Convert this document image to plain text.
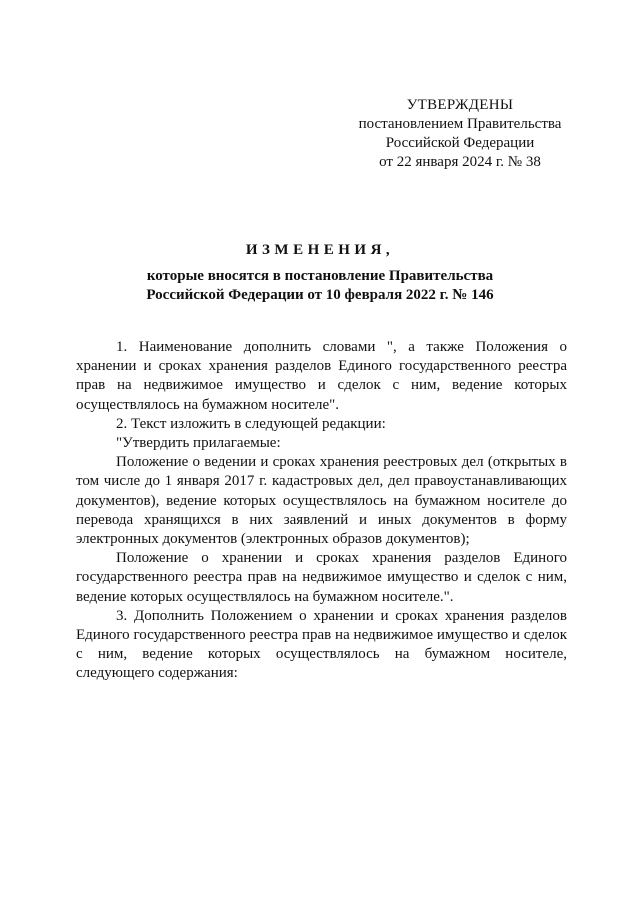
УТВЕРЖДЕНЫ
постановлением Правительства
Российской Федерации
от 22 января 2024 г. № 38
ИЗМЕНЕНИЯ,
которые вносятся в постановление Правительства
Российской Федерации от 10 февраля 2022 г. № 146

1. Наименование дополнить словами ", а также Положения о хранении и сроках хранения разделов Единого государственного реестра прав на недвижимое имущество и сделок с ним, ведение которых осуществлялось на бумажном носителе".

2. Текст изложить в следующей редакции:

"Утвердить прилагаемые:

Положение о ведении и сроках хранения реестровых дел (открытых в том числе до 1 января 2017 г. кадастровых дел, дел правоустанавливающих документов), ведение которых осуществлялось на бумажном носителе до перевода хранящихся в них заявлений и иных документов в форму электронных документов (электронных образов документов);

Положение о хранении и сроках хранения разделов Единого государственного реестра прав на недвижимое имущество и сделок с ним, ведение которых осуществлялось на бумажном носителе.".

3. Дополнить Положением о хранении и сроках хранения разделов Единого государственного реестра прав на недвижимое имущество и сделок с ним, ведение которых осуществлялось на бумажном носителе, следующего содержания:
